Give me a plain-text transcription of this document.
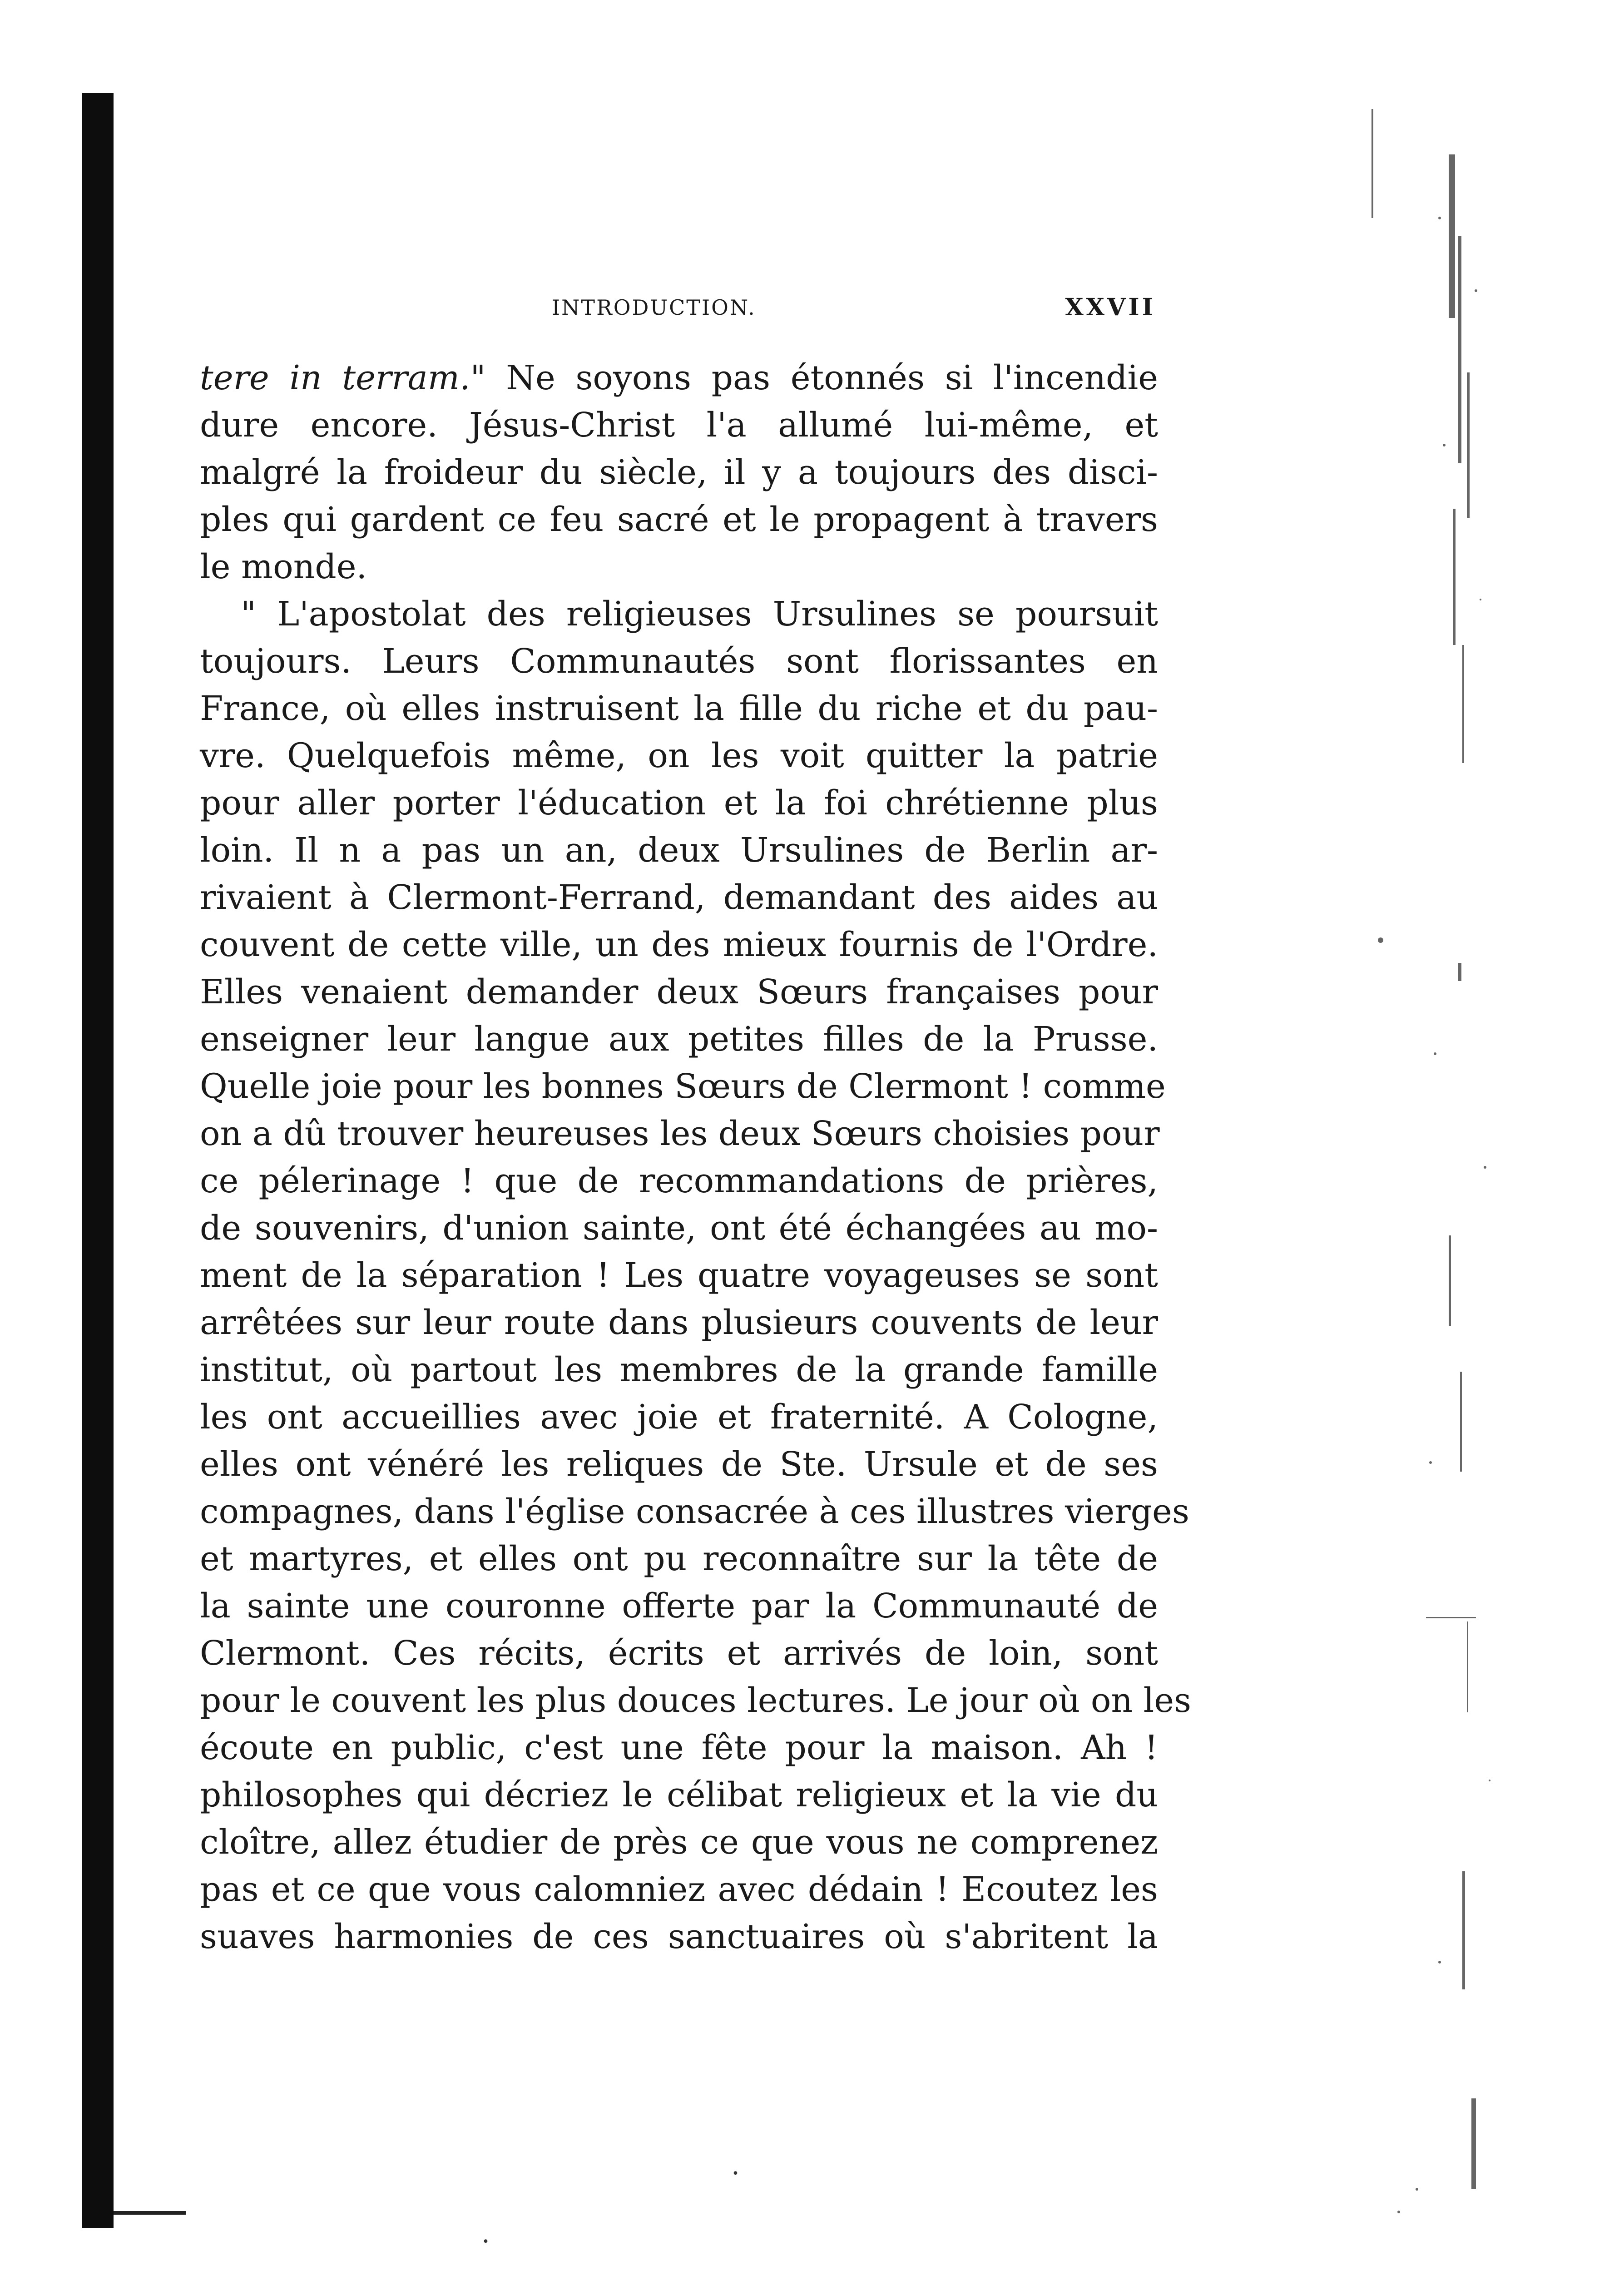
INTRODUCTION.	XXVII
tere in terram." Ne soyons pas étonnés si l'incendie
dure encore. Jésus-Christ l'a allumé lui-même, et
malgré la froideur du siècle, il y a toujours des disci-
ples qui gardent ce feu sacré et le propagent à travers
le monde.
" L'apostolat des religieuses Ursulines se poursuit
toujours. Leurs Communautés sont florissantes en
France, où elles instruisent la fille du riche et du pau-
vre. Quelquefois même, on les voit quitter la patrie
pour aller porter l'éducation et la foi chrétienne plus
loin. Il n a pas un an, deux Ursulines de Berlin ar-
rivaient à Clermont-Ferrand, demandant des aides au
couvent de cette ville, un des mieux fournis de l'Ordre.
Elles venaient demander deux Sœurs françaises pour
enseigner leur langue aux petites filles de la Prusse.
Quelle joie pour les bonnes Sœurs de Clermont ! comme
on a dû trouver heureuses les deux Sœurs choisies pour
ce pélerinage ! que de recommandations de prières,
de souvenirs, d'union sainte, ont été échangées au mo-
ment de la séparation ! Les quatre voyageuses se sont
arrêtées sur leur route dans plusieurs couvents de leur
institut, où partout les membres de la grande famille
les ont accueillies avec joie et fraternité. A Cologne,
elles ont vénéré les reliques de Ste. Ursule et de ses
compagnes, dans l'église consacrée à ces illustres vierges
et martyres, et elles ont pu reconnaître sur la tête de
la sainte une couronne offerte par la Communauté de
Clermont. Ces récits, écrits et arrivés de loin, sont
pour le couvent les plus douces lectures. Le jour où on les
écoute en public, c'est une fête pour la maison. Ah !
philosophes qui décriez le célibat religieux et la vie du
cloître, allez étudier de près ce que vous ne comprenez
pas et ce que vous calomniez avec dédain ! Ecoutez les
suaves harmonies de ces sanctuaires où s'abritent la
·
·
